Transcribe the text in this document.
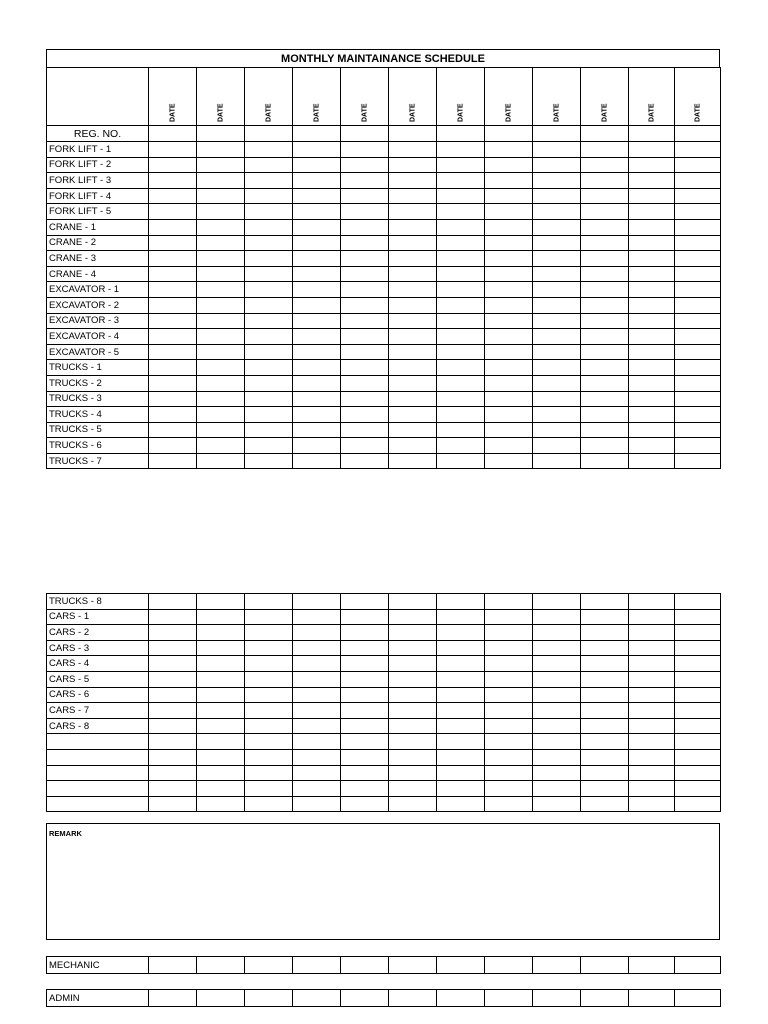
MONTHLY MAINTAINANCE SCHEDULE

	DATE	DATE	DATE	DATE	DATE	DATE	DATE	DATE	DATE	DATE	DATE	DATE

REG. NO.												
FORK LIFT - 1												
FORK LIFT - 2												
FORK LIFT - 3												
FORK LIFT - 4												
FORK LIFT - 5												
CRANE - 1												
CRANE - 2												
CRANE - 3												
CRANE - 4												
EXCAVATOR - 1												
EXCAVATOR - 2												
EXCAVATOR - 3												
EXCAVATOR - 4												
EXCAVATOR - 5												
TRUCKS - 1												
TRUCKS - 2												
TRUCKS - 3												
TRUCKS - 4												
TRUCKS - 5												
TRUCKS - 6												
TRUCKS - 7												
TRUCKS - 8												
CARS - 1												
CARS - 2												
CARS - 3												
CARS - 4												
CARS - 5												
CARS - 6												
CARS - 7												
CARS - 8												

REMARK
MECHANIC												
ADMIN												
